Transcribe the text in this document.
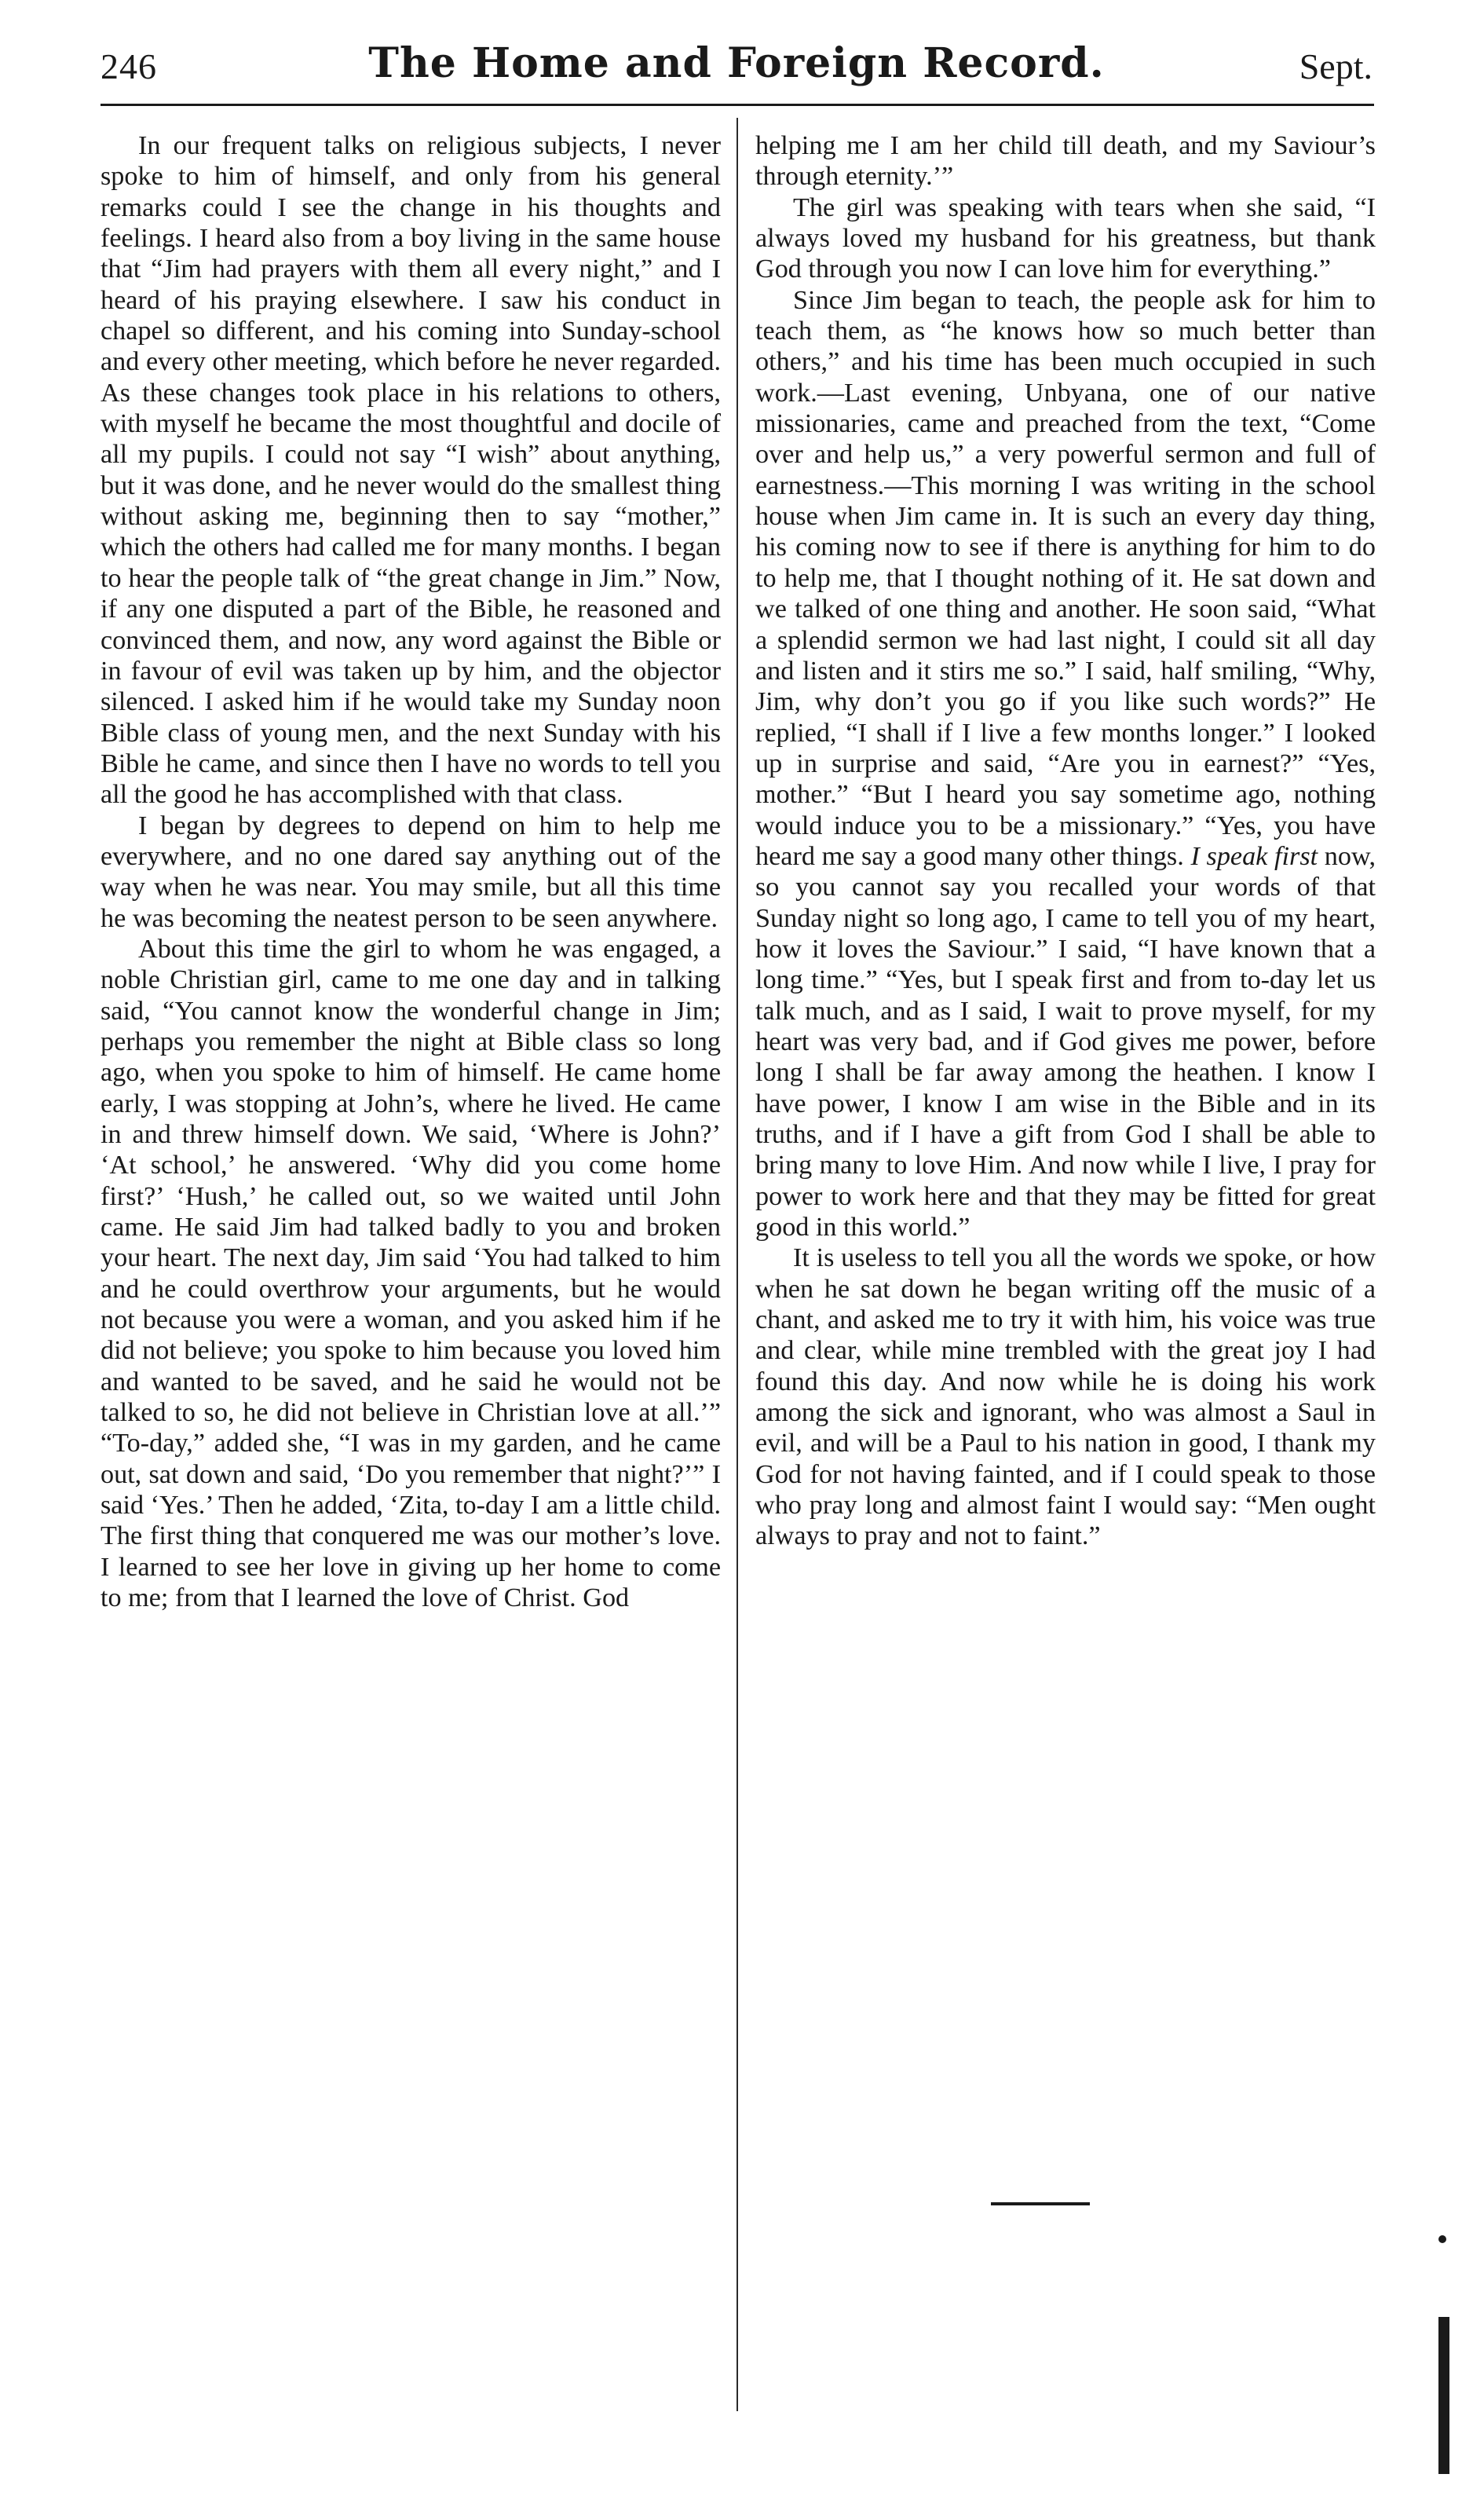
246	The Home and Foreign Record.	Sept.

In our frequent talks on religious subjects, I never spoke to him of himself, and only from his general remarks could I see the change in his thoughts and feelings. I heard also from a boy living in the same house that “Jim had prayers with them all every night,” and I heard of his praying elsewhere. I saw his conduct in chapel so different, and his coming into Sunday-school and every other meeting, which before he never regarded. As these changes took place in his relations to others, with myself he became the most thoughtful and docile of all my pupils. I could not say “I wish” about anything, but it was done, and he never would do the smallest thing without asking me, beginning then to say “mother,” which the others had called me for many months. I began to hear the people talk of “the great change in Jim.” Now, if any one disputed a part of the Bible, he reasoned and convinced them, and now, any word against the Bible or in favour of evil was taken up by him, and the objector silenced. I asked him if he would take my Sunday noon Bible class of young men, and the next Sunday with his Bible he came, and since then I have no words to tell you all the good he has accomplished with that class.

I began by degrees to depend on him to help me everywhere, and no one dared say anything out of the way when he was near. You may smile, but all this time he was becoming the neatest person to be seen anywhere.

About this time the girl to whom he was engaged, a noble Christian girl, came to me one day and in talking said, “You cannot know the wonderful change in Jim; perhaps you remember the night at Bible class so long ago, when you spoke to him of himself. He came home early, I was stopping at John’s, where he lived. He came in and threw himself down. We said, ‘Where is John?’ ‘At school,’ he answered. ‘Why did you come home first?’ ‘Hush,’ he called out, so we waited until John came. He said Jim had talked badly to you and broken your heart. The next day, Jim said ‘You had talked to him and he could overthrow your arguments, but he would not because you were a woman, and you asked him if he did not believe; you spoke to him because you loved him and wanted to be saved, and he said he would not be talked to so, he did not believe in Christian love at all.’” “To-day,” added she, “I was in my garden, and he came out, sat down and said, ‘Do you remember that night?’” I said ‘Yes.’ Then he added, ‘Zita, to-day I am a little child. The first thing that conquered me was our mother’s love. I learned to see her love in giving up her home to come to me; from that I learned the love of Christ. God

helping me I am her child till death, and my Saviour’s through eternity.’”

The girl was speaking with tears when she said, “I always loved my husband for his greatness, but thank God through you now I can love him for everything.”

Since Jim began to teach, the people ask for him to teach them, as “he knows how so much better than others,” and his time has been much occupied in such work.—Last evening, Unbyana, one of our native missionaries, came and preached from the text, “Come over and help us,” a very powerful sermon and full of earnestness.—This morning I was writing in the school house when Jim came in. It is such an every day thing, his coming now to see if there is anything for him to do to help me, that I thought nothing of it. He sat down and we talked of one thing and another. He soon said, “What a splendid sermon we had last night, I could sit all day and listen and it stirs me so.” I said, half smiling, “Why, Jim, why don’t you go if you like such words?” He replied, “I shall if I live a few months longer.” I looked up in surprise and said, “Are you in earnest?” “Yes, mother.” “But I heard you say sometime ago, nothing would induce you to be a missionary.” “Yes, you have heard me say a good many other things. I speak first now, so you cannot say you recalled your words of that Sunday night so long ago, I came to tell you of my heart, how it loves the Saviour.” I said, “I have known that a long time.” “Yes, but I speak first and from to-day let us talk much, and as I said, I wait to prove myself, for my heart was very bad, and if God gives me power, before long I shall be far away among the heathen. I know I have power, I know I am wise in the Bible and in its truths, and if I have a gift from God I shall be able to bring many to love Him. And now while I live, I pray for power to work here and that they may be fitted for great good in this world.”

It is useless to tell you all the words we spoke, or how when he sat down he began writing off the music of a chant, and asked me to try it with him, his voice was true and clear, while mine trembled with the great joy I had found this day. And now while he is doing his work among the sick and ignorant, who was almost a Saul in evil, and will be a Paul to his nation in good, I thank my God for not having fainted, and if I could speak to those who pray long and almost faint I would say: “Men ought always to pray and not to faint.”
